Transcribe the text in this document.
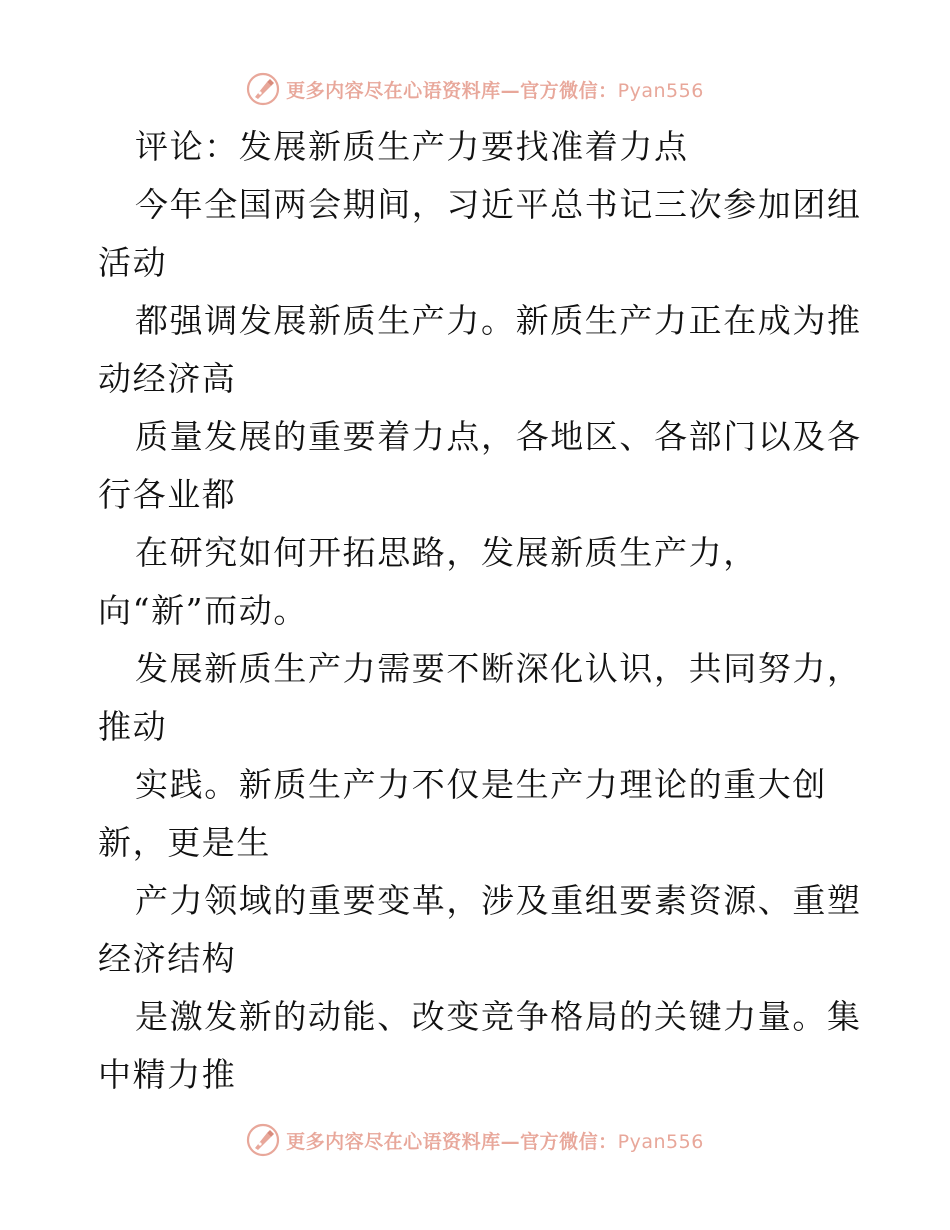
更多内容尽在心语资料库—官方微信：Pyan556
评论：发展新质生产力要找准着力点
今年全国两会期间，习近平总书记三次参加团组
活动
都强调发展新质生产力。新质生产力正在成为推
动经济高
质量发展的重要着力点，各地区、各部门以及各
行各业都
在研究如何开拓思路，发展新质生产力，
向“新”而动。
发展新质生产力需要不断深化认识，共同努力，
推动
实践。新质生产力不仅是生产力理论的重大创
新，更是生
产力领域的重要变革，涉及重组要素资源、重塑
经济结构
是激发新的动能、改变竞争格局的关键力量。集
中精力推
更多内容尽在心语资料库—官方微信：Pyan556
